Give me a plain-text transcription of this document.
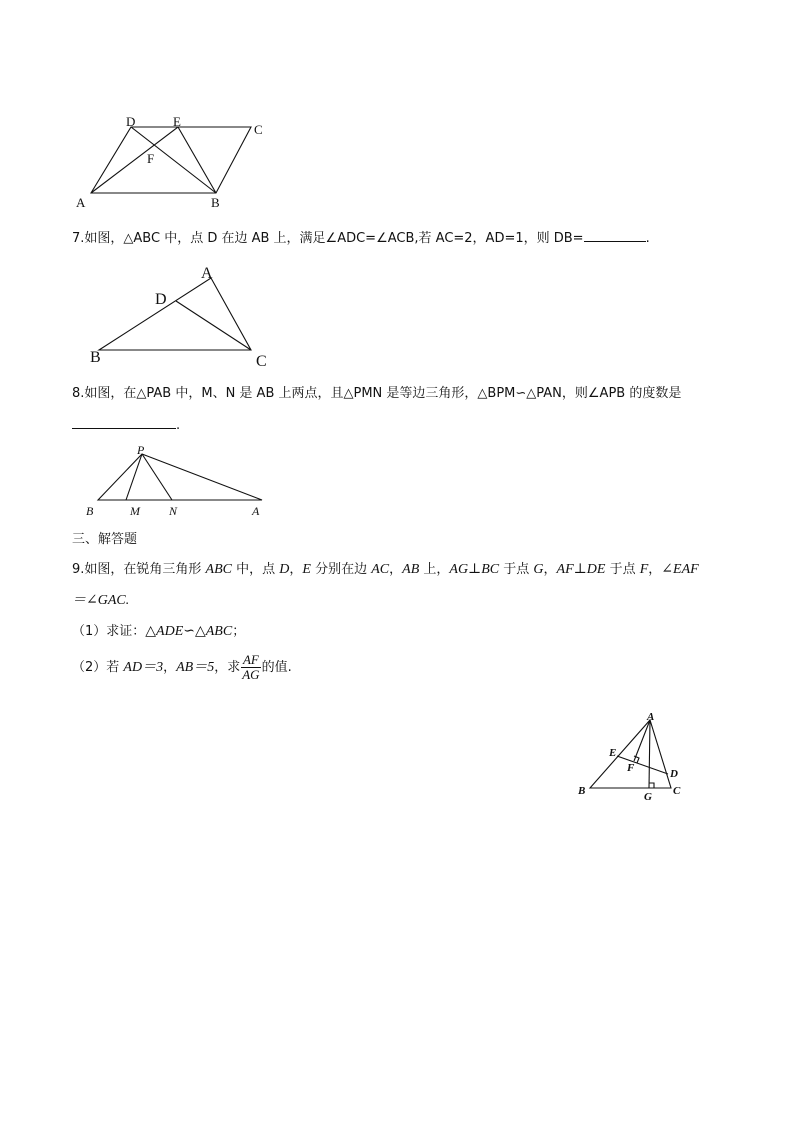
D	E
C
F
A	B
7.如图，△ABC 中，点 D 在边 AB 上，满足∠ADC=∠ACB,若 AC=2，AD=1，则 DB=	.
A
D
B	C
8.如图，在△PAB 中，M、N 是 AB 上两点，且△PMN 是等边三角形，△BPM∽△PAN，则∠APB 的度数是
.
P
B	M N	A
三、解答题
9.如图，在锐角三角形 ABC 中，点 D，E 分别在边 AC，AB 上，AG⊥BC 于点 G，AF⊥DE 于点 F，∠EAF
＝∠GAC.
（1）求证：△ADE∽△ABC；
（2）若 AD＝3，AB＝5，求 $\frac{AF}{AG}$ 的值.
A
E
F	D
B	G C
